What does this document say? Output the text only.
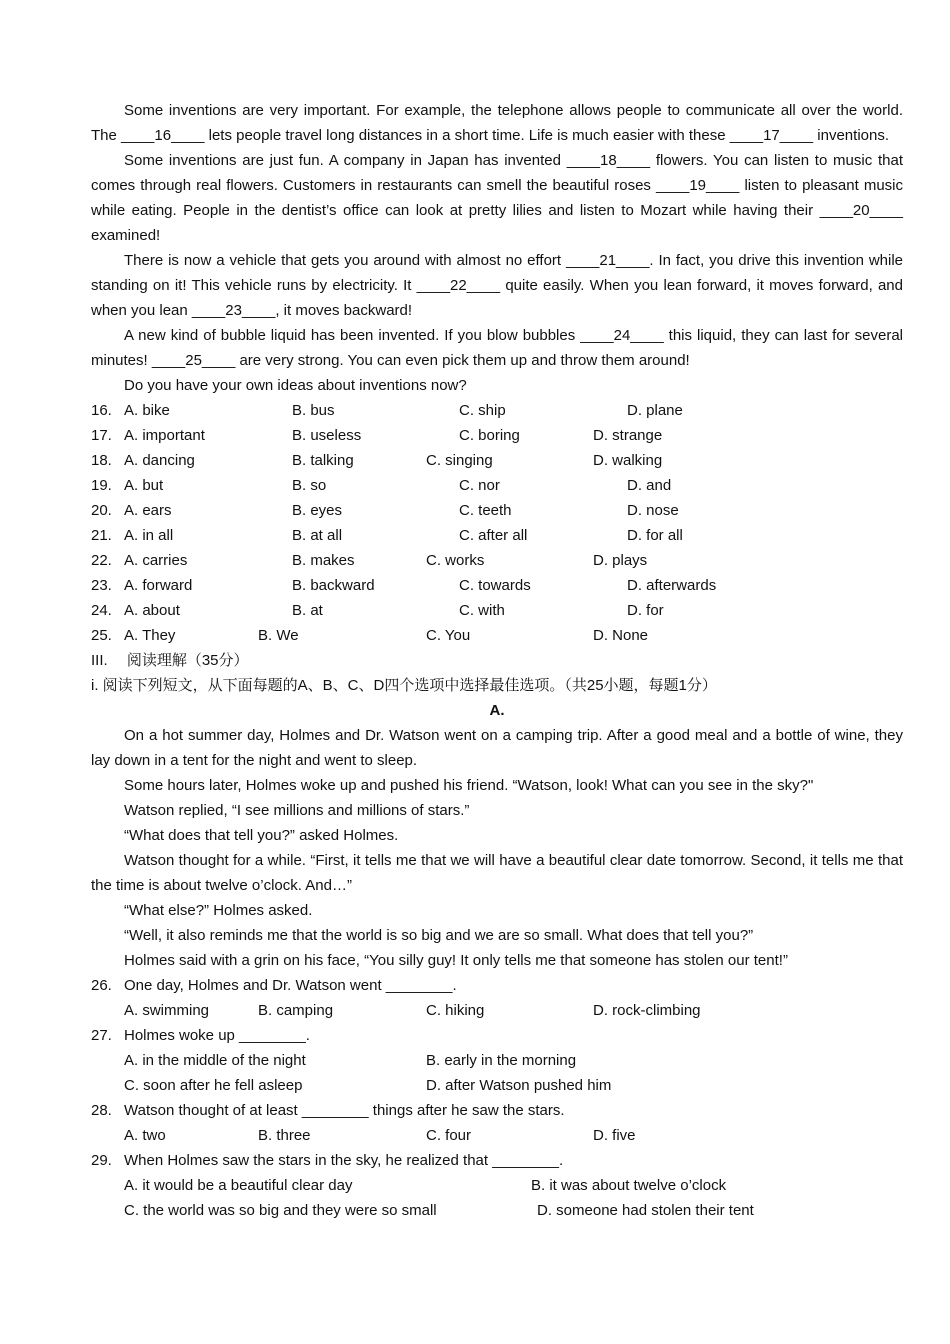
Some inventions are very important. For example, the telephone allows people to communicate all over the world. The ____16____ lets people travel long distances in a short time. Life is much easier with these ____17____ inventions.

Some inventions are just fun. A company in Japan has invented ____18____ flowers. You can listen to music that comes through real flowers. Customers in restaurants can smell the beautiful roses ____19____ listen to pleasant music while eating. People in the dentist’s office can look at pretty lilies and listen to Mozart while having their ____20____ examined!

There is now a vehicle that gets you around with almost no effort ____21____. In fact, you drive this invention while standing on it! This vehicle runs by electricity. It ____22____ quite easily. When you lean forward, it moves forward, and when you lean ____23____, it moves backward!

A new kind of bubble liquid has been invented. If you blow bubbles ____24____ this liquid, they can last for several minutes! ____25____ are very strong. You can even pick them up and throw them around!

Do you have your own ideas about inventions now?

16. A. bike	B. bus	C. ship	D. plane
17. A. important	B. useless	C. boring	D. strange
18. A. dancing	B. talking	C. singing	D. walking
19. A. but	B. so	C. nor	D. and
20. A. ears	B. eyes	C. teeth	D. nose
21. A. in all	B. at all	C. after all	D. for all
22. A. carries	B. makes	C. works	D. plays
23. A. forward	B. backward	C. towards	D. afterwards
24. A. about	B. at	C. with	D. for
25. A. They	B. We	C. You	D. None
III.　 阅读理解（35分）
i. 阅读下列短文，从下面每题的A、B、C、D四个选项中选择最佳选项。（共25小题，每题1分）
A.

On a hot summer day, Holmes and Dr. Watson went on a camping trip. After a good meal and a bottle of wine, they lay down in a tent for the night and went to sleep.

Some hours later, Holmes woke up and pushed his friend. “Watson, look! What can you see in the sky?"

Watson replied, “I see millions and millions of stars.”

“What does that tell you?” asked Holmes.

Watson thought for a while. “First, it tells me that we will have a beautiful clear date tomorrow. Second, it tells me that the time is about twelve o’clock. And…”

“What else?” Holmes asked.

“Well, it also reminds me that the world is so big and we are so small. What does that tell you?”

Holmes said with a grin on his face, “You silly guy! It only tells me that someone has stolen our tent!”

26. One day, Holmes and Dr. Watson went ________.
A. swimming	B. camping	C. hiking	D. rock-climbing
27. Holmes woke up ________.
A. in the middle of the night	B. early in the morning
C. soon after he fell asleep	D. after Watson pushed him
28. Watson thought of at least ________ things after he saw the stars.
A. two	B. three	C. four	D. five
29. When Holmes saw the stars in the sky, he realized that ________.
A. it would be a beautiful clear day	B. it was about twelve o’clock
C. the world was so big and they were so small	D. someone had stolen their tent
